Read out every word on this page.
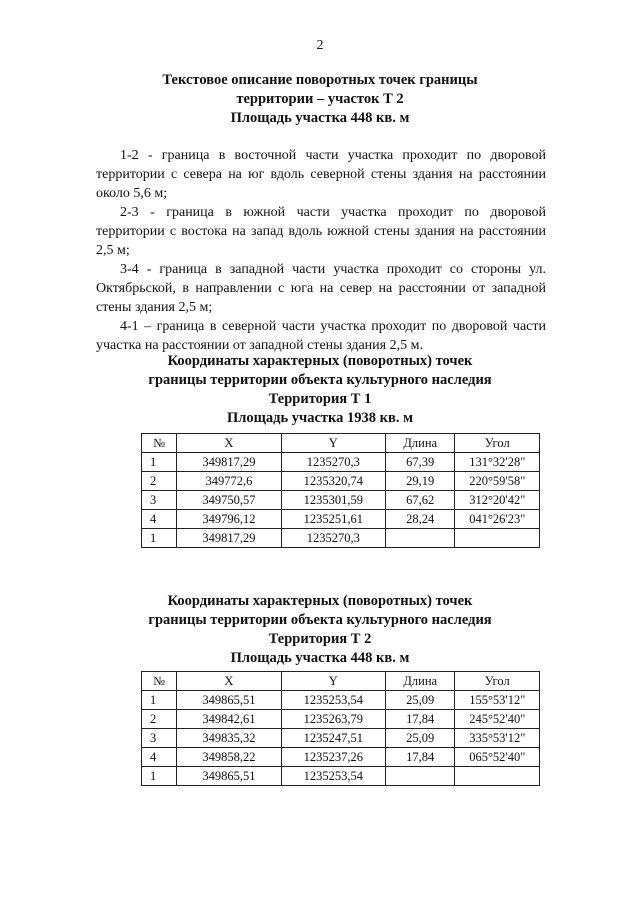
2
Текстовое описание поворотных точек границы
территории – участок Т 2
Площадь участка 448 кв. м
1-2 - граница в восточной части участка проходит по дворовой территории с севера на юг вдоль северной стены здания на расстоянии около 5,6 м;
2-3 - граница в южной части участка проходит по дворовой территории с востока на запад вдоль южной стены здания на расстоянии 2,5 м;
3-4 - граница в западной части участка проходит со стороны ул. Октябрьской, в направлении с юга на север на расстоянии от западной стены здания 2,5 м;
4-1 – граница в северной части участка проходит по дворовой части участка на расстоянии от западной стены здания 2,5 м.
Координаты характерных (поворотных) точек
границы территории объекта культурного наследия
Территория Т 1
Площадь участка 1938 кв. м
№	X	Y	Длина	Угол
1	349817,29	1235270,3	67,39	131°32'28"
2	349772,6	1235320,74	29,19	220°59'58"
3	349750,57	1235301,59	67,62	312°20'42"
4	349796,12	1235251,61	28,24	041°26'23"
1	349817,29	1235270,3		
Координаты характерных (поворотных) точек
границы территории объекта культурного наследия
Территория Т 2
Площадь участка 448 кв. м
№	X	Y	Длина	Угол
1	349865,51	1235253,54	25,09	155°53'12"
2	349842,61	1235263,79	17,84	245°52'40"
3	349835,32	1235247,51	25,09	335°53'12"
4	349858,22	1235237,26	17,84	065°52'40"
1	349865,51	1235253,54		
